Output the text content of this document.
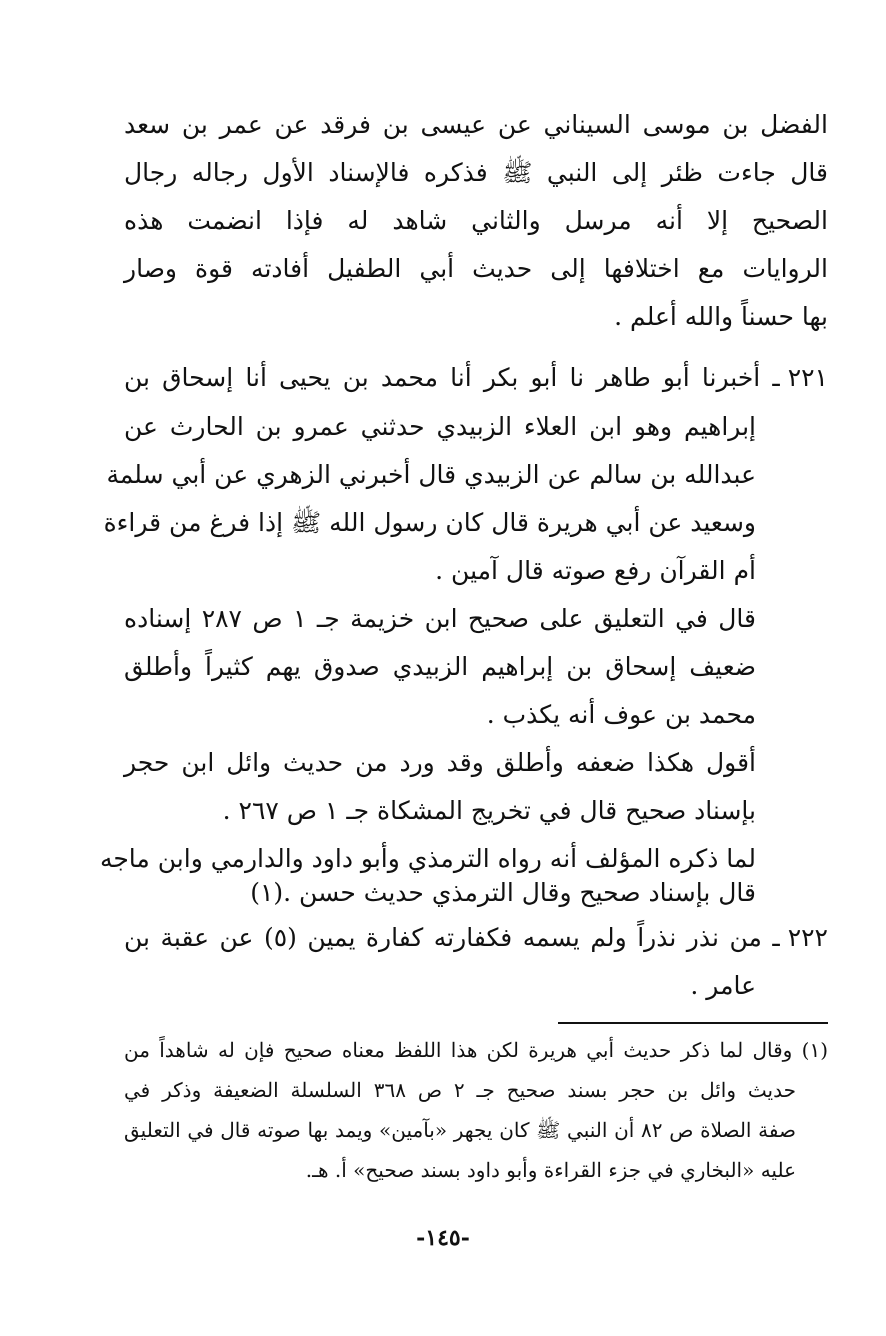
الفضل بن موسى السيناني عن عيسى بن فرقد عن عمر بن سعد
قال جاءت ظئر إلى النبي ﷺ فذكره فالإسناد الأول رجاله رجال
الصحيح إلا أنه مرسل والثاني شاهد له فإذا انضمت هذه
الروايات مع اختلافها إلى حديث أبي الطفيل أفادته قوة وصار
بها حسناً والله أعلم .
٢٢١ ـ أخبرنا أبو طاهر نا أبو بكر أنا محمد بن يحيى أنا إسحاق بن
إبراهيم وهو ابن العلاء الزبيدي حدثني عمرو بن الحارث عن
عبدالله بن سالم عن الزبيدي قال أخبرني الزهري عن أبي سلمة
وسعيد عن أبي هريرة قال كان رسول الله ﷺ إذا فرغ من قراءة
أم القرآن رفع صوته قال آمين .
قال في التعليق على صحيح ابن خزيمة جـ ١ ص ٢٨٧ إسناده
ضعيف إسحاق بن إبراهيم الزبيدي صدوق يهم كثيراً وأطلق
محمد بن عوف أنه يكذب .
أقول هكذا ضعفه وأطلق وقد ورد من حديث وائل ابن حجر
بإسناد صحيح قال في تخريج المشكاة جـ ١ ص ٢٦٧ .
لما ذكره المؤلف أنه رواه الترمذي وأبو داود والدارمي وابن ماجه
قال بإسناد صحيح وقال الترمذي حديث حسن .(١)
٢٢٢ ـ من نذر نذراً ولم يسمه فكفارته كفارة يمين (٥) عن عقبة بن
عامر .
(١) وقال لما ذكر حديث أبي هريرة لكن هذا اللفظ معناه صحيح فإن له شاهداً من
حديث وائل بن حجر بسند صحيح جـ ٢ ص ٣٦٨ السلسلة الضعيفة وذكر في
صفة الصلاة ص ٨٢ أن النبي ﷺ كان يجهر «بآمين» ويمد بها صوته قال في التعليق
عليه «البخاري في جزء القراءة وأبو داود بسند صحيح» أ. هـ.
-١٤٥-
